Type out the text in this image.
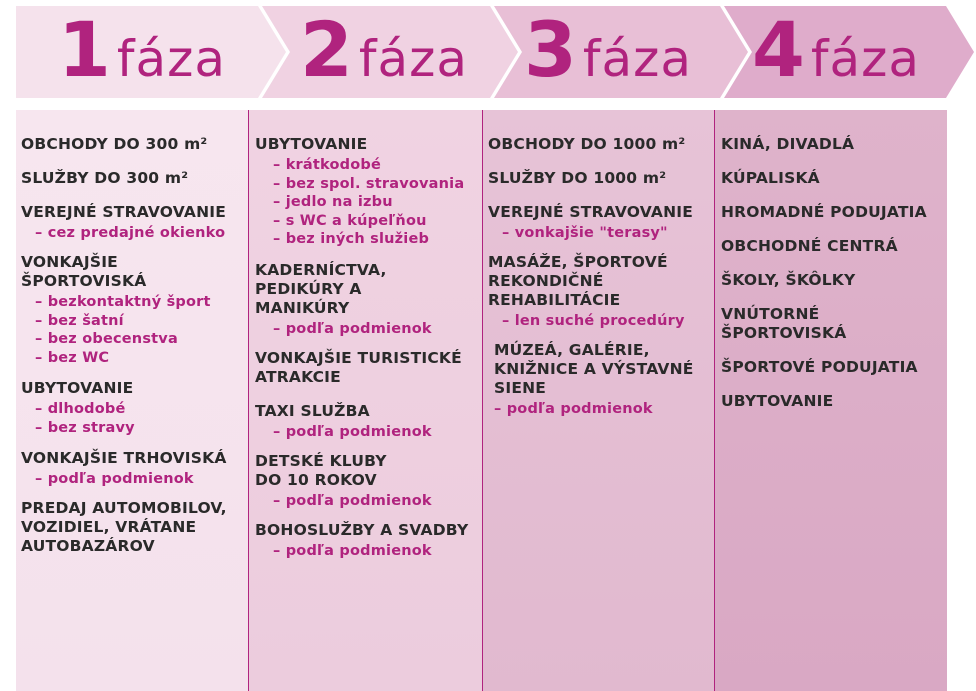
1 fáza 2 fáza 3 fáza 4 fáza
OBCHODY DO 300 m²
SLUŽBY DO 300 m²
VEREJNÉ STRAVOVANIE
– cez predajné okienko
VONKAJŠIE ŠPORTOVISKÁ
– bezkontaktný šport
– bez šatní
– bez obecenstva
– bez WC
UBYTOVANIE
– dlhodobé
– bez stravy
VONKAJŠIE TRHOVISKÁ
– podľa podmienok
PREDAJ AUTOMOBILOV, VOZIDIEL, VRÁTANE AUTOBAZÁROV
UBYTOVANIE
– krátkodobé
– bez spol. stravovania
– jedlo na izbu
– s WC a kúpeľňou
– bez iných služieb
KADERNÍCTVA, PEDIKÚRY A MANIKÚRY
– podľa podmienok
VONKAJŠIE TURISTICKÉ ATRAKCIE
TAXI SLUŽBA
– podľa podmienok
DETSKÉ KLUBY DO 10 ROKOV
– podľa podmienok
BOHOSLUŽBY A SVADBY
– podľa podmienok
OBCHODY DO 1000 m²
SLUŽBY DO 1000 m²
VEREJNÉ STRAVOVANIE
– vonkajšie "terasy"
MASÁŽE, ŠPORTOVÉ REKONDIČNÉ REHABILITÁCIE
– len suché procedúry
MÚZEÁ, GALÉRIE, KNIŽNICE A VÝSTAVNÉ SIENE
– podľa podmienok
KINÁ, DIVADLÁ
KÚPALISKÁ
HROMADNÉ PODUJATIA
OBCHODNÉ CENTRÁ
ŠKOLY, ŠKÔLKY
VNÚTORNÉ ŠPORTOVISKÁ
ŠPORTOVÉ PODUJATIA
UBYTOVANIE
